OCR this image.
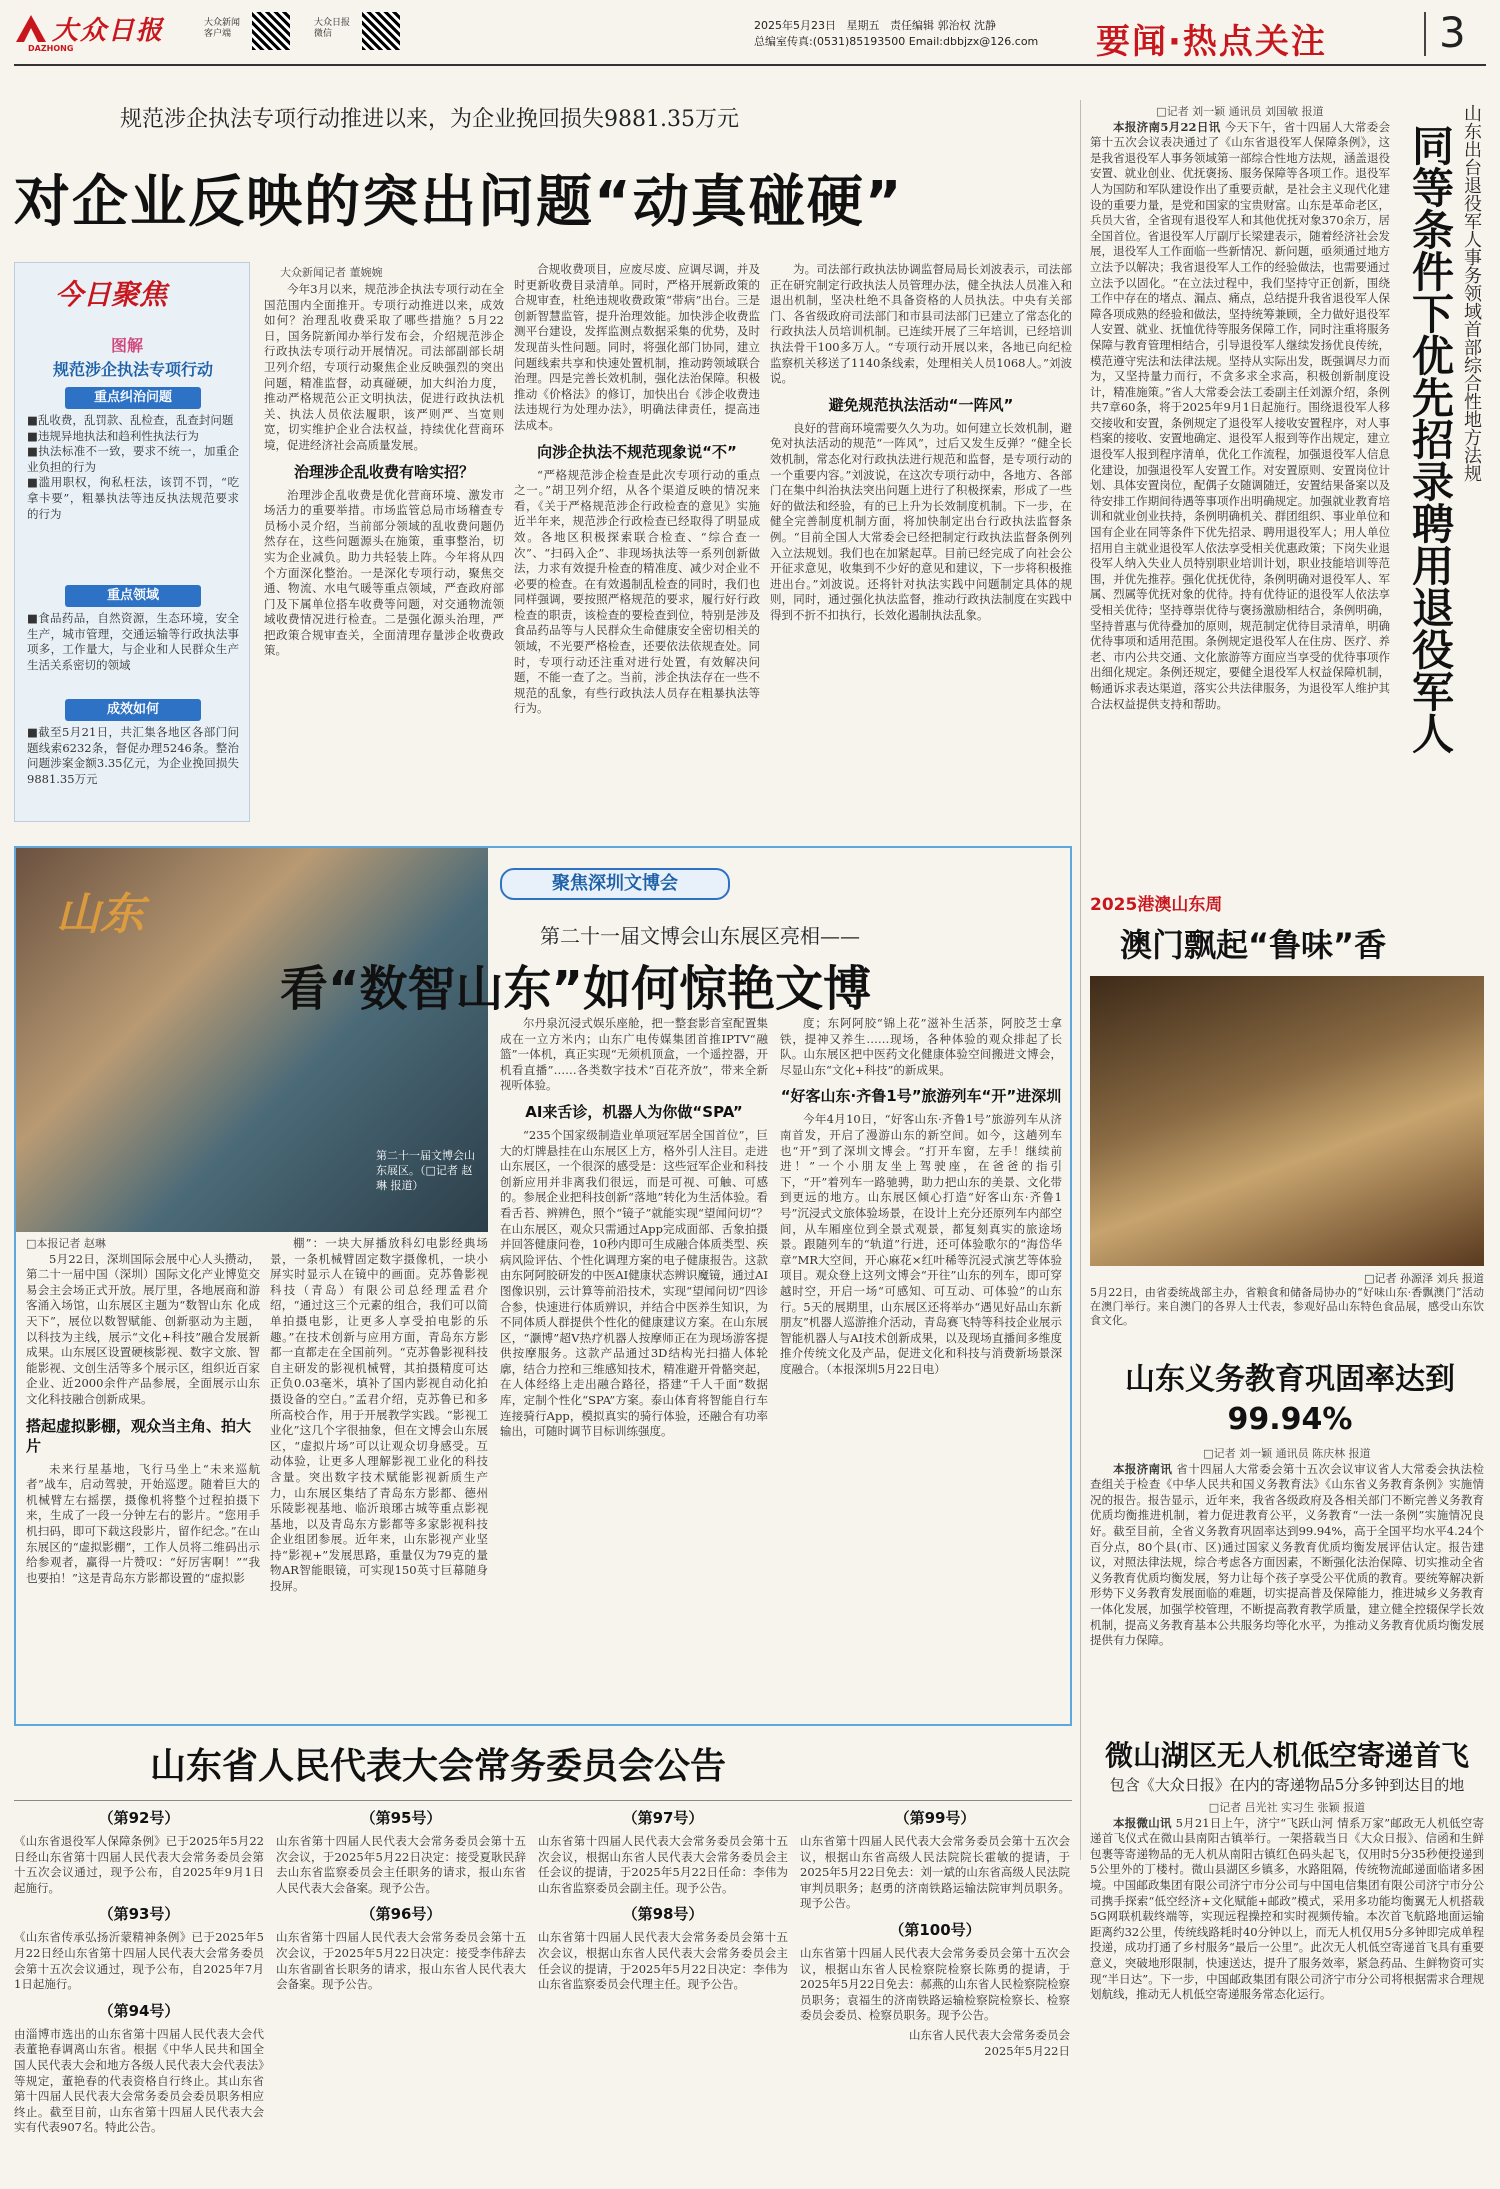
大众日报
DAZHONG
大众新闻客户端
大众日报微信
2025年5月23日 星期五 责任编辑 郭治权 沈静
总编室传真:(0531)85193500 Email:dbbjzx@126.com 要闻·热点关注	3
规范涉企执法专项行动推进以来，为企业挽回损失9881.35万元
对企业反映的突出问题“动真碰硬”
今日聚焦
图解
规范涉企执法专项行动
重点纠治问题
■乱收费，乱罚款、乱检查，乱查封问题
■违规异地执法和趋利性执法行为
■执法标准不一致，要求不统一，加重企业负担的行为
■滥用职权，徇私枉法，该罚不罚，“吃拿卡要”，粗暴执法等违反执法规范要求的行为
重点领域
■食品药品，自然资源，生态环境，安全生产，城市管理，交通运输等行政执法事项多，工作量大，与企业和人民群众生产生活关系密切的领域
成效如何
■截至5月21日，共汇集各地区各部门问题线索6232条，督促办理5246条。整治问题涉案金额3.35亿元，为企业挽回损失9881.35万元
大众新闻记者 董婉婉

今年3月以来，规范涉企执法专项行动在全国范围内全面推开。专项行动推进以来，成效如何？治理乱收费采取了哪些措施？5月22日，国务院新闻办举行发布会，介绍规范涉企行政执法专项行动开展情况。司法部副部长胡卫列介绍，专项行动聚焦企业反映强烈的突出问题，精准监督，动真碰硬，加大纠治力度，推动严格规范公正文明执法，促进行政执法机关、执法人员依法履职，该严则严、当宽则宽，切实维护企业合法权益，持续优化营商环境，促进经济社会高质量发展。

治理涉企乱收费有啥实招？

治理涉企乱收费是优化营商环境、激发市场活力的重要举措。市场监管总局市场稽查专员杨小灵介绍，当前部分领域的乱收费问题仍然存在，这些问题源头在施策，重事整治，切实为企业减负。助力共轻装上阵。今年将从四个方面深化整治。一是深化专项行动，聚焦交通、物流、水电气暖等重点领域，严查政府部门及下属单位搭车收费等问题，对交通物流领域收费情况进行检查。二是强化源头治理，严把政策合规审查关，全面清理存量涉企收费政策。

合规收费项目，应废尽废、应调尽调，并及时更新收费目录清单。同时，严格开展新政策的合规审查，杜绝违规收费政策“带病”出台。三是创新智慧监管，提升治理效能。加快涉企收费监测平台建设，发挥监测点数据采集的优势，及时发现苗头性问题。同时，将强化部门协同，建立问题线索共享和快速处置机制，推动跨领域联合治理。四是完善长效机制，强化法治保障。积极推动《价格法》的修订，加快出台《涉企收费违法违规行为处理办法》，明确法律责任，提高违法成本。

向涉企执法不规范现象说“不”

“严格规范涉企检查是此次专项行动的重点之一。”胡卫列介绍，从各个渠道反映的情况来看，《关于严格规范涉企行政检查的意见》实施近半年来，规范涉企行政检查已经取得了明显成效。各地区积极探索联合检查、“综合查一次”、“扫码入企”、非现场执法等一系列创新做法，力求有效提升检查的精准度、减少对企业不必要的检查。在有效遏制乱检查的同时，我们也同样强调，要按照严格规范的要求，履行好行政检查的职责，该检查的要检查到位，特别是涉及食品药品等与人民群众生命健康安全密切相关的领域，不光要严格检查，还要依法依规查处。同时，专项行动还注重对进行处置，有效解决问题，不能一查了之。当前，涉企执法存在一些不规范的乱象，有些行政执法人员存在粗暴执法等行为。

为。司法部行政执法协调监督局局长刘波表示，司法部正在研究制定行政执法人员管理办法，健全执法人员准入和退出机制，坚决杜绝不具备资格的人员执法。中央有关部门、各省级政府司法部门和市县司法部门已建立了常态化的行政执法人员培训机制。已连续开展了三年培训，已经培训执法骨干100多万人。“专项行动开展以来，各地已向纪检监察机关移送了1140条线索，处理相关人员1068人。”刘波说。

避免规范执法活动“一阵风”

良好的营商环境需要久久为功。如何建立长效机制，避免对执法活动的规范“一阵风”，过后又发生反弹？“健全长效机制，常态化对行政执法进行规范和监督，是专项行动的一个重要内容。”刘波说，在这次专项行动中，各地方、各部门在集中纠治执法突出问题上进行了积极探索，形成了一些好的做法和经验，有的已上升为长效制度机制。下一步，在健全完善制度机制方面，将加快制定出台行政执法监督条例。“目前全国人大常委会已经把制定行政执法监督条例列入立法规划。我们也在加紧起草。目前已经完成了向社会公开征求意见，收集到不少好的意见和建议，下一步将积极推进出台。”刘波说。还将针对执法实践中问题制定具体的规则，同时，通过强化执法监督，推动行政执法制度在实践中得到不折不扣执行，长效化遏制执法乱象。

□记者 刘一颖 通讯员 刘国敏 报道

本报济南5月22日讯 今天下午，省十四届人大常委会第十五次会议表决通过了《山东省退役军人保障条例》，这是我省退役军人事务领域第一部综合性地方法规，涵盖退役安置、就业创业、优抚褒扬、服务保障等各项工作。退役军人为国防和军队建设作出了重要贡献，是社会主义现代化建设的重要力量，是党和国家的宝贵财富。山东是革命老区，兵员大省，全省现有退役军人和其他优抚对象370余万，居全国首位。省退役军人厅副厅长梁建表示，随着经济社会发展，退役军人工作面临一些新情况、新问题，亟须通过地方立法予以解决；我省退役军人工作的经验做法，也需要通过立法予以固化。“在立法过程中，我们坚持守正创新，围绕工作中存在的堵点、漏点、痛点，总结提升我省退役军人保障各项成熟的经验和做法，坚持统筹兼顾，全力做好退役军人安置、就业、抚恤优待等服务保障工作，同时注重将服务保障与教育管理相结合，引导退役军人继续发扬优良传统，模范遵守宪法和法律法规。坚持从实际出发，既强调尽力而为，又坚持量力而行，不贪多求全求高，积极创新制度设计，精准施策。”省人大常委会法工委副主任刘源介绍，条例共7章60条，将于2025年9月1日起施行。围绕退役军人移交接收和安置，条例规定了退役军人接收安置程序，对人事档案的接收、安置地确定、退役军人报到等作出规定，建立退役军人报到程序清单，优化工作流程，加强退役军人信息化建设，加强退役军人安置工作。对安置原则、安置岗位计划、具体安置岗位，配偶子女随调随迁，安置结果备案以及待安排工作期间待遇等事项作出明确规定。加强就业教育培训和就业创业扶持，条例明确机关、群团组织、事业单位和国有企业在同等条件下优先招录、聘用退役军人；用人单位招用自主就业退役军人依法享受相关优惠政策；下岗失业退役军人纳入失业人员特别职业培训计划，职业技能培训等范围，并优先推荐。强化优抚优待，条例明确对退役军人、军属、烈属等优抚对象的优待。持有优待证的退役军人依法享受相关优待；坚持尊崇优待与褒扬激励相结合，条例明确，坚持普惠与优待叠加的原则，规范制定优待目录清单，明确优待事项和适用范围。条例规定退役军人在住房、医疗、养老、市内公共交通、文化旅游等方面应当享受的优待事项作出细化规定。条例还规定，要健全退役军人权益保障机制，畅通诉求表达渠道，落实公共法律服务，为退役军人维护其合法权益提供支持和帮助。	同等条件下优先招录聘用退役军人 山东出台退役军人事务领域首部综合性地方法规
山东
第二十一届文博会山东展区。（□记者 赵琳 报道）
聚焦深圳文博会
第二十一届文博会山东展区亮相——
看“数智山东”如何惊艳文博
□本报记者 赵琳

5月22日，深圳国际会展中心人头攒动，第二十一届中国（深圳）国际文化产业博览交易会主会场正式开放。展厅里，各地展商和游客涌入场馆，山东展区主题为“数智山东 化成天下”，展位以数智赋能、创新驱动为主题，以科技为主线，展示“文化+科技”融合发展新成果。山东展区设置硬核影视、数字文旅、智能影视、文创生活等多个展示区，组织近百家企业、近2000余件产品参展，全面展示山东文化科技融合创新成果。

搭起虚拟影棚，观众当主角、拍大片

未来行星基地，飞行马坐上“未来巡航者”战车，启动驾驶，开始巡逻。随着巨大的机械臂左右摇摆，摄像机将整个过程拍摄下来，生成了一段一分钟左右的影片。“您用手机扫码，即可下载这段影片，留作纪念。”在山东展区的“虚拟影棚”，工作人员将二维码出示给参观者，赢得一片赞叹：“好厉害啊！”“我也要拍！”这是青岛东方影都设置的“虚拟影

棚”：一块大屏播放科幻电影经典场景，一条机械臂固定数字摄像机，一块小屏实时显示人在镜中的画面。克苏鲁影视科技（青岛）有限公司总经理孟君介绍，“通过这三个元素的组合，我们可以简单拍摄电影，让更多人享受拍电影的乐趣。”在技术创新与应用方面，青岛东方影都一直都走在全国前列。“克苏鲁影视科技自主研发的影视机械臂，其拍摄精度可达正负0.03毫米，填补了国内影视自动化拍摄设备的空白。”孟君介绍，克苏鲁已和多所高校合作，用于开展教学实践。“影视工业化”这几个字很抽象，但在文博会山东展区，“虚拟片场”可以让观众切身感受。互动体验，让更多人理解影视工业化的科技含量。突出数字技术赋能影视新质生产力，山东展区集结了青岛东方影都、德州乐陵影视基地、临沂琅琊古城等重点影视基地，以及青岛东方影都等多家影视科技企业组团参展。近年来，山东影视产业坚持“影视+”发展思路，重量仅为79克的量物AR智能眼镜，可实现150英寸巨幕随身投屏。

尔丹泉沉浸式娱乐座舱，把一整套影音室配置集成在一立方米内；山东广电传媒集团首推IPTV“融篮”一体机，真正实现“无须机顶盒，一个遥控器，开机看直播”……各类数字技术“百花齐放”，带来全新视听体验。

AI来舌诊，机器人为你做“SPA”

“235个国家级制造业单项冠军居全国首位”，巨大的灯牌悬挂在山东展区上方，格外引人注目。走进山东展区，一个很深的感受是：这些冠军企业和科技创新应用并非离我们很远，而是可视、可触、可感的。参展企业把科技创新“落地”转化为生活体验。看看舌苔、辨辨色，照个“镜子”就能实现“望闻问切”？在山东展区，观众只需通过App完成面部、舌象拍摄并回答健康问卷，10秒内即可生成融合体质类型、疾病风险评估、个性化调理方案的电子健康报告。这款由东阿阿胶研发的中医AI健康状态辨识魔镜，通过AI图像识别，云计算等前沿技术，实现“望闻问切”四诊合参，快速进行体质辨识，并结合中医养生知识，为不同体质人群提供个性化的健康建议方案。在山东展区，“灏博”超V热疗机器人按摩师正在为现场游客提供按摩服务。这款产品通过3D结构光扫描人体轮廓，结合力控和三维感知技术，精准避开骨骼突起，在人体经络上走出融合路径，搭建“千人千面”数据库，定制个性化“SPA”方案。泰山体育将智能自行车连接骑行App，模拟真实的骑行体验，还融合有功率输出，可随时调节目标训练强度。

度；东阿阿胶“锦上花”滋补生活茶，阿胶芝士拿铁，提神又养生……现场，各种体验的观众排起了长队。山东展区把中医药文化健康体验空间搬进文博会，尽显山东“文化+科技”的新成果。

“好客山东·齐鲁1号”旅游列车“开”进深圳

今年4月10日，“好客山东·齐鲁1号”旅游列车从济南首发，开启了漫游山东的新空间。如今，这趟列车也“开”到了深圳文博会。“打开车窗，左手！继续前进！”一个小朋友坐上驾驶座，在爸爸的指引下，“开”着列车一路驰骋，助力把山东的美景、文化带到更远的地方。山东展区倾心打造“好客山东·齐鲁1号”沉浸式文旅体验场景，在设计上充分还原列车内部空间，从车厢座位到全景式观景，都复刻真实的旅途场景。跟随列车的“轨道”行进，还可体验歌尔的“海岱华章”MR大空间，开心麻花×红叶稀等沉浸式演艺等体验项目。观众登上这列文博会“开往”山东的列车，即可穿越时空，开启一场“可感知、可互动、可体验”的山东行。5天的展期里，山东展区还将举办“遇见好品山东新朋友”机器人巡游推介活动，青岛赛飞特等科技企业展示智能机器人与AI技术创新成果，以及现场直播间多维度推介传统文化及产品，促进文化和科技与消费新场景深度融合。（本报深圳5月22日电）

2025港澳山东周
澳门飘起“鲁味”香
□记者 孙源泽 刘兵 报道

5月22日，由省委统战部主办，省粮食和储备局协办的“好味山东·香飘澳门”活动在澳门举行。来自澳门的各界人士代表，参观好品山东特色食品展，感受山东饮食文化。
山东义务教育巩固率达到99.94%
□记者 刘一颖 通讯员 陈庆林 报道

本报济南讯 省十四届人大常委会第十五次会议审议省人大常委会执法检查组关于检查《中华人民共和国义务教育法》《山东省义务教育条例》实施情况的报告。报告显示，近年来，我省各级政府及各相关部门不断完善义务教育优质均衡推进机制，着力促进教育公平，义务教育“一法一条例”实施情况良好。截至目前，全省义务教育巩固率达到99.94%，高于全国平均水平4.24个百分点，80个县(市、区)通过国家义务教育优质均衡发展评估认定。报告建议，对照法律法规，综合考虑各方面因素，不断强化法治保障、切实推动全省义务教育优质均衡发展，努力让每个孩子享受公平优质的教育。要统筹解决新形势下义务教育发展面临的难题，切实提高普及保障能力，推进城乡义务教育一体化发展，加强学校管理，不断提高教育教学质量，建立健全控辍保学长效机制，提高义务教育基本公共服务均等化水平，为推动义务教育优质均衡发展提供有力保障。

微山湖区无人机低空寄递首飞
包含《大众日报》在内的寄递物品5分多钟到达目的地
□记者 吕光社 实习生 张颖 报道

本报微山讯 5月21日上午，济宁“飞跃山河 情系万家”邮政无人机低空寄递首飞仪式在微山县南阳古镇举行。一架搭载当日《大众日报》、信函和生鲜包裹等寄递物品的无人机从南阳古镇红色码头起飞，仅用时5分35秒便投递到5公里外的丁楼村。微山县湖区乡镇多，水路阻隔，传统物流邮递面临诸多困境。中国邮政集团有限公司济宁市分公司与中国电信集团有限公司济宁市分公司携手探索“低空经济+文化赋能+邮政”模式，采用多功能均衡翼无人机搭载5G网联机载终端等，实现远程操控和实时视频传输。本次首飞航路地面运输距离约32公里，传统线路耗时40分钟以上，而无人机仅用5分多钟即完成单程投递，成功打通了乡村服务“最后一公里”。此次无人机低空寄递首飞具有重要意义，突破地形限制，快速送达，提升了服务效率，紧急药品、生鲜物资可实现“半日达”。下一步，中国邮政集团有限公司济宁市分公司将根据需求合理规划航线，推动无人机低空寄递服务常态化运行。

山东省人民代表大会常务委员会公告
（第92号）

《山东省退役军人保障条例》已于2025年5月22日经山东省第十四届人民代表大会常务委员会第十五次会议通过，现予公布，自2025年9月1日起施行。

（第93号）

《山东省传承弘扬沂蒙精神条例》已于2025年5月22日经山东省第十四届人民代表大会常务委员会第十五次会议通过，现予公布，自2025年7月1日起施行。

（第94号）

由淄博市选出的山东省第十四届人民代表大会代表董艳春调离山东省。根据《中华人民共和国全国人民代表大会和地方各级人民代表大会代表法》等规定，董艳春的代表资格自行终止。其山东省第十四届人民代表大会常务委员会委员职务相应终止。截至目前，山东省第十四届人民代表大会实有代表907名。特此公告。

（第95号）

山东省第十四届人民代表大会常务委员会第十五次会议，于2025年5月22日决定：接受夏耿民辞去山东省监察委员会主任职务的请求，报山东省人民代表大会备案。现予公告。

（第96号）

山东省第十四届人民代表大会常务委员会第十五次会议，于2025年5月22日决定：接受李伟辞去山东省副省长职务的请求，报山东省人民代表大会备案。现予公告。

（第97号）

山东省第十四届人民代表大会常务委员会第十五次会议，根据山东省人民代表大会常务委员会主任会议的提请，于2025年5月22日任命：李伟为山东省监察委员会副主任。现予公告。

（第98号）

山东省第十四届人民代表大会常务委员会第十五次会议，根据山东省人民代表大会常务委员会主任会议的提请，于2025年5月22日决定：李伟为山东省监察委员会代理主任。现予公告。

（第99号）

山东省第十四届人民代表大会常务委员会第十五次会议，根据山东省高级人民法院院长霍敏的提请，于2025年5月22日免去：刘一斌的山东省高级人民法院审判员职务；赵勇的济南铁路运输法院审判员职务。现予公告。

（第100号）

山东省第十四届人民代表大会常务委员会第十五次会议，根据山东省人民检察院检察长陈勇的提请，于2025年5月22日免去：郝燕的山东省人民检察院检察员职务；袁福生的济南铁路运输检察院检察长、检察委员会委员、检察员职务。现予公告。

山东省人民代表大会常务委员会
2025年5月22日
